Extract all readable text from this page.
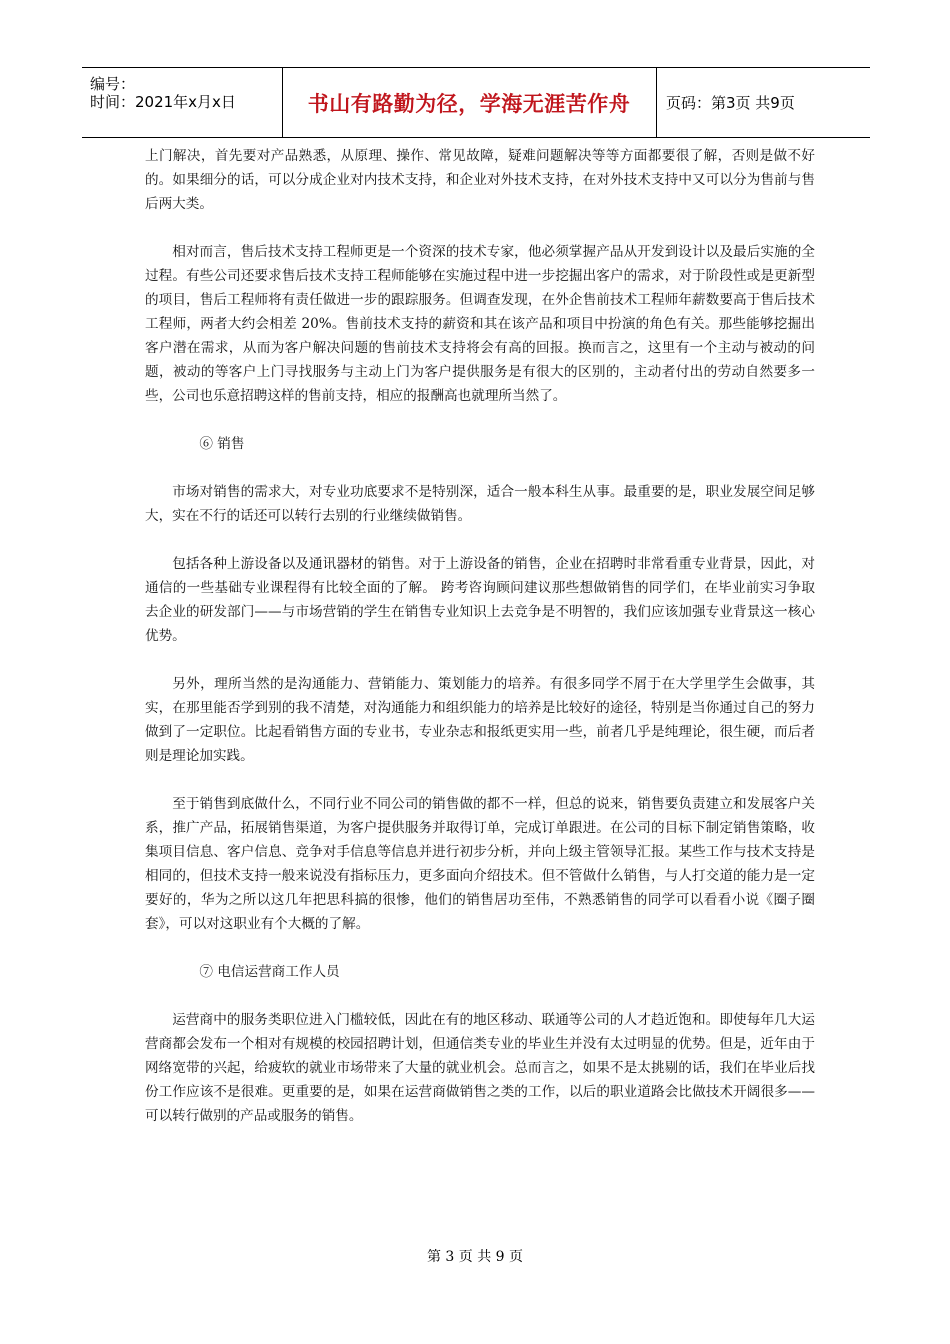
编号：
时间：2021年x月x日	书山有路勤为径，学海无涯苦作舟	页码：第3页 共9页

上门解决，首先要对产品熟悉，从原理、操作、常见故障，疑难问题解决等等方面都要很了解，否则是做不好的。如果细分的话，可以分成企业对内技术支持，和企业对外技术支持，在对外技术支持中又可以分为售前与售后两大类。

相对而言，售后技术支持工程师更是一个资深的技术专家，他必须掌握产品从开发到设计以及最后实施的全过程。有些公司还要求售后技术支持工程师能够在实施过程中进一步挖掘出客户的需求，对于阶段性或是更新型的项目，售后工程师将有责任做进一步的跟踪服务。但调查发现，在外企售前技术工程师年薪数要高于售后技术工程师，两者大约会相差 20%。售前技术支持的薪资和其在该产品和项目中扮演的角色有关。那些能够挖掘出客户潜在需求，从而为客户解决问题的售前技术支持将会有高的回报。换而言之，这里有一个主动与被动的问题，被动的等客户上门寻找服务与主动上门为客户提供服务是有很大的区别的，主动者付出的劳动自然要多一些，公司也乐意招聘这样的售前支持，相应的报酬高也就理所当然了。

⑥ 销售

市场对销售的需求大，对专业功底要求不是特别深，适合一般本科生从事。最重要的是，职业发展空间足够大，实在不行的话还可以转行去别的行业继续做销售。

包括各种上游设备以及通讯器材的销售。对于上游设备的销售，企业在招聘时非常看重专业背景，因此，对通信的一些基础专业课程得有比较全面的了解。 跨考咨询顾问建议那些想做销售的同学们，在毕业前实习争取去企业的研发部门——与市场营销的学生在销售专业知识上去竞争是不明智的，我们应该加强专业背景这一核心优势。

另外，理所当然的是沟通能力、营销能力、策划能力的培养。有很多同学不屑于在大学里学生会做事，其实，在那里能否学到别的我不清楚，对沟通能力和组织能力的培养是比较好的途径，特别是当你通过自己的努力做到了一定职位。比起看销售方面的专业书，专业杂志和报纸更实用一些，前者几乎是纯理论，很生硬，而后者则是理论加实践。

至于销售到底做什么，不同行业不同公司的销售做的都不一样，但总的说来，销售要负责建立和发展客户关系，推广产品，拓展销售渠道，为客户提供服务并取得订单，完成订单跟进。在公司的目标下制定销售策略，收集项目信息、客户信息、竞争对手信息等信息并进行初步分析，并向上级主管领导汇报。某些工作与技术支持是相同的，但技术支持一般来说没有指标压力，更多面向介绍技术。但不管做什么销售，与人打交道的能力是一定要好的，华为之所以这几年把思科搞的很惨，他们的销售居功至伟，不熟悉销售的同学可以看看小说《圈子圈套》，可以对这职业有个大概的了解。

⑦ 电信运营商工作人员

运营商中的服务类职位进入门槛较低，因此在有的地区移动、联通等公司的人才趋近饱和。即使每年几大运营商都会发布一个相对有规模的校园招聘计划，但通信类专业的毕业生并没有太过明显的优势。但是，近年由于网络宽带的兴起，给疲软的就业市场带来了大量的就业机会。总而言之，如果不是太挑剔的话，我们在毕业后找 份工作应该不是很难。更重要的是，如果在运营商做销售之类的工作，以后的职业道路会比做技术开阔很多——可以转行做别的产品或服务的销售。

第 3 页 共 9 页
